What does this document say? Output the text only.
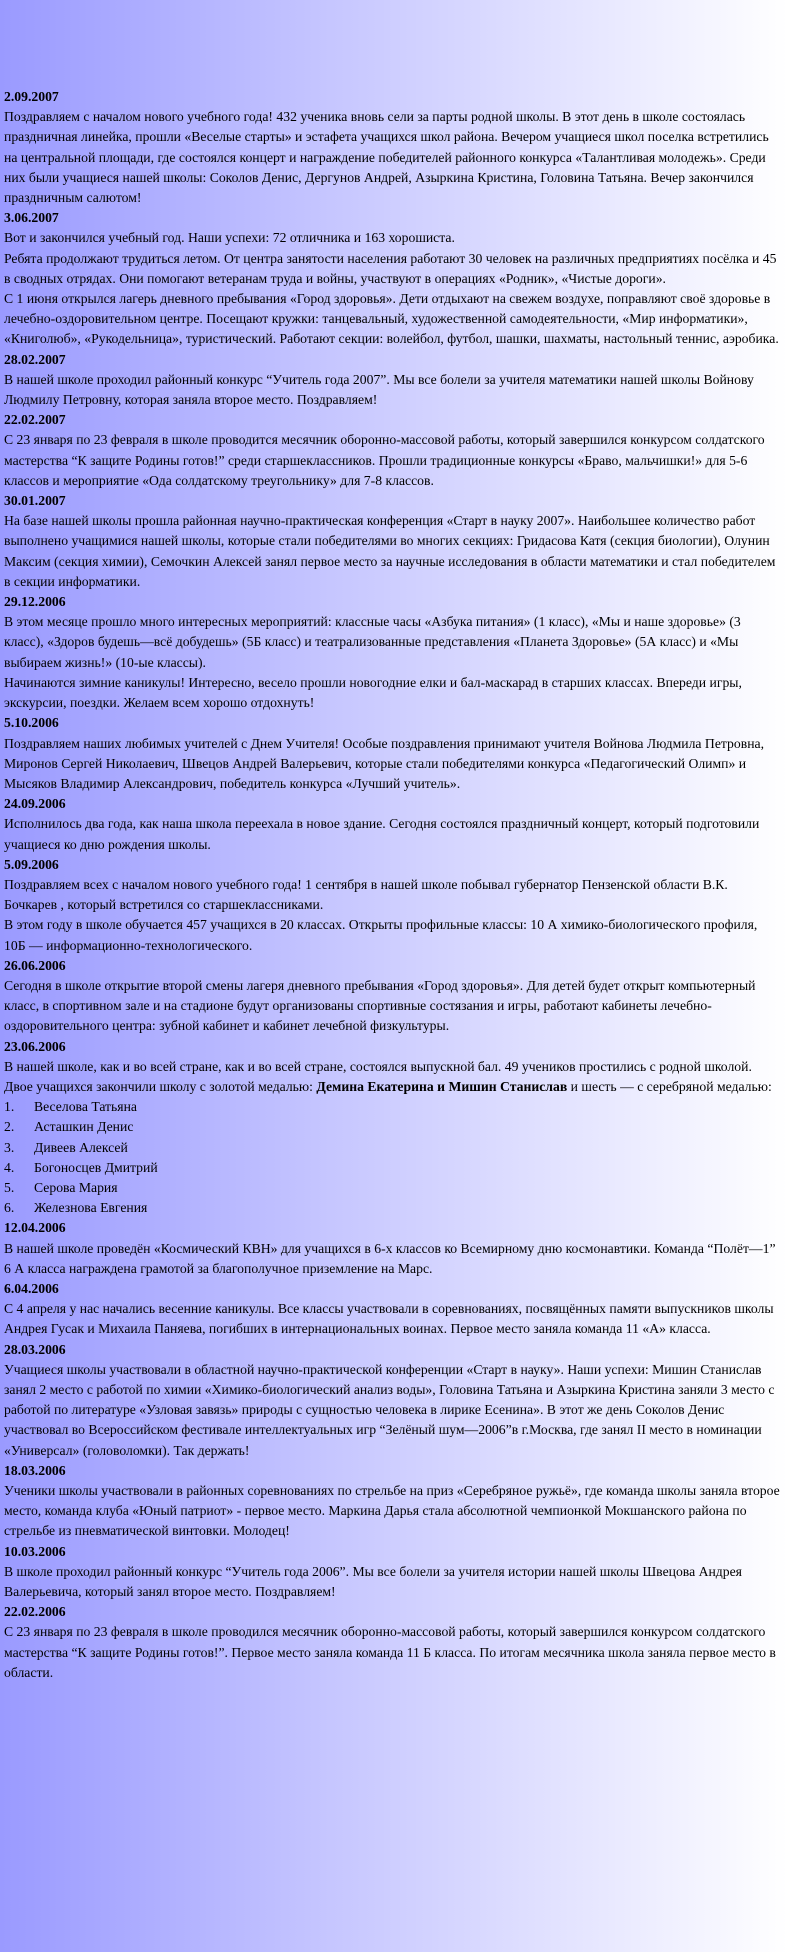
2.09.2007
Поздравляем с началом нового учебного года! 432 ученика вновь сели за парты родной школы. В этот день в школе состоялась праздничная линейка, прошли «Веселые старты» и эстафета учащихся школ района. Вечером учащиеся школ поселка встретились на центральной площади, где состоялся концерт и награждение победителей районного конкурса «Талантливая молодежь». Среди них были учащиеся нашей школы: Соколов Денис, Дергунов Андрей, Азыркина Кристина, Головина Татьяна. Вечер закончился праздничным салютом!
3.06.2007
Вот и закончился учебный год. Наши успехи: 72 отличника и 163 хорошиста.
Ребята продолжают трудиться летом. От центра занятости населения работают 30 человек на различных предприятиях посёлка и 45 в сводных отрядах. Они помогают ветеранам труда и войны, участвуют в операциях «Родник», «Чистые дороги».
С 1 июня открылся лагерь дневного пребывания «Город здоровья». Дети отдыхают на свежем воздухе, поправляют своё здоровье в лечебно-оздоровительном центре. Посещают кружки: танцевальный, художественной самодеятельности, «Мир информатики», «Книголюб», «Рукодельница», туристический. Работают секции: волейбол, футбол, шашки, шахматы, настольный теннис, аэробика.
28.02.2007
В нашей школе проходил районный конкурс “Учитель года 2007”. Мы все болели за учителя математики нашей школы Войнову Людмилу Петровну, которая заняла второе место. Поздравляем!
22.02.2007
С 23 января по 23 февраля в школе проводится месячник оборонно-массовой работы, который завершился конкурсом солдатского мастерства “К защите Родины готов!” среди старшеклассников. Прошли традиционные конкурсы «Браво, мальчишки!» для 5-6 классов и мероприятие «Ода солдатскому треугольнику» для 7-8 классов.
30.01.2007
На базе нашей школы прошла районная научно-практическая конференция «Старт в науку 2007». Наибольшее количество работ выполнено учащимися нашей школы, которые стали победителями во многих секциях: Гридасова Катя (секция биологии), Олунин Максим (секция химии), Семочкин Алексей занял первое место за научные исследования в области математики и стал победителем в секции информатики.
29.12.2006
В этом месяце прошло много интересных мероприятий: классные часы «Азбука питания» (1 класс), «Мы и наше здоровье» (3 класс), «Здоров будешь—всё добудешь» (5Б класс) и театрализованные представления «Планета Здоровье» (5А класс) и «Мы выбираем жизнь!» (10-ые классы).
Начинаются зимние каникулы! Интересно, весело прошли новогодние елки и бал-маскарад в старших классах. Впереди игры, экскурсии, поездки. Желаем всем хорошо отдохнуть!
5.10.2006
Поздравляем наших любимых учителей с Днем Учителя! Особые поздравления принимают учителя Войнова Людмила Петровна, Миронов Сергей Николаевич, Швецов Андрей Валерьевич, которые стали победителями конкурса «Педагогический Олимп» и Мысяков Владимир Александрович, победитель конкурса «Лучший учитель».
24.09.2006
Исполнилось два года, как наша школа переехала в новое здание. Сегодня состоялся праздничный концерт, который подготовили учащиеся ко дню рождения школы.
5.09.2006
Поздравляем всех с началом нового учебного года! 1 сентября в нашей школе побывал губернатор Пензенской области В.К. Бочкарев , который встретился со старшеклассниками.
В этом году в школе обучается 457 учащихся в 20 классах. Открыты профильные классы: 10 А химико-биологического профиля, 10Б — информационно-технологического.
26.06.2006
Сегодня в школе открытие второй смены лагеря дневного пребывания «Город здоровья». Для детей будет открыт компьютерный класс, в спортивном зале и на стадионе будут организованы спортивные состязания и игры, работают кабинеты лечебно-оздоровительного центра: зубной кабинет и кабинет лечебной физкультуры.
23.06.2006
В нашей школе, как и во всей стране, как и во всей стране, состоялся выпускной бал. 49 учеников простились с родной школой. Двое учащихся закончили школу с золотой медалью: Демина Екатерина и Мишин Станислав и шесть — с серебряной медалью:
1. Веселова Татьяна
2. Асташкин Денис
3. Дивеев Алексей
4. Богоносцев Дмитрий
5. Серова Мария
6. Железнова Евгения
12.04.2006
В нашей школе проведён «Космический КВН» для учащихся в 6-х классов ко Всемирному дню космонавтики. Команда “Полёт—1” 6 А класса награждена грамотой за благополучное приземление на Марс.
6.04.2006
С 4 апреля у нас начались весенние каникулы. Все классы участвовали в соревнованиях, посвящённых памяти выпускников школы Андрея Гусак и Михаила Паняева, погибших в интернациональных воинах. Первое место заняла команда 11 «А» класса.
28.03.2006
Учащиеся школы участвовали в областной научно-практической конференции «Старт в науку». Наши успехи: Мишин Станислав занял 2 место с работой по химии «Химико-биологический анализ воды», Головина Татьяна и Азыркина Кристина заняли 3 место с работой по литературе «Узловая завязь» природы с сущностью человека в лирике Есенина». В этот же день Соколов Денис участвовал во Всероссийском фестивале интеллектуальных игр “Зелёный шум—2006”в г.Москва, где занял II место в номинации «Универсал» (головоломки). Так держать!
18.03.2006
Ученики школы участвовали в районных соревнованиях по стрельбе на приз «Серебряное ружьё», где команда школы заняла второе место, команда клуба «Юный патриот» - первое место. Маркина Дарья стала абсолютной чемпионкой Мокшанского района по стрельбе из пневматической винтовки. Молодец!
10.03.2006
В школе проходил районный конкурс “Учитель года 2006”. Мы все болели за учителя истории нашей школы Швецова Андрея Валерьевича, который занял второе место. Поздравляем!
22.02.2006
С 23 января по 23 февраля в школе проводился месячник оборонно-массовой работы, который завершился конкурсом солдатского мастерства “К защите Родины готов!”. Первое место заняла команда 11 Б класса. По итогам месячника школа заняла первое место в области.
